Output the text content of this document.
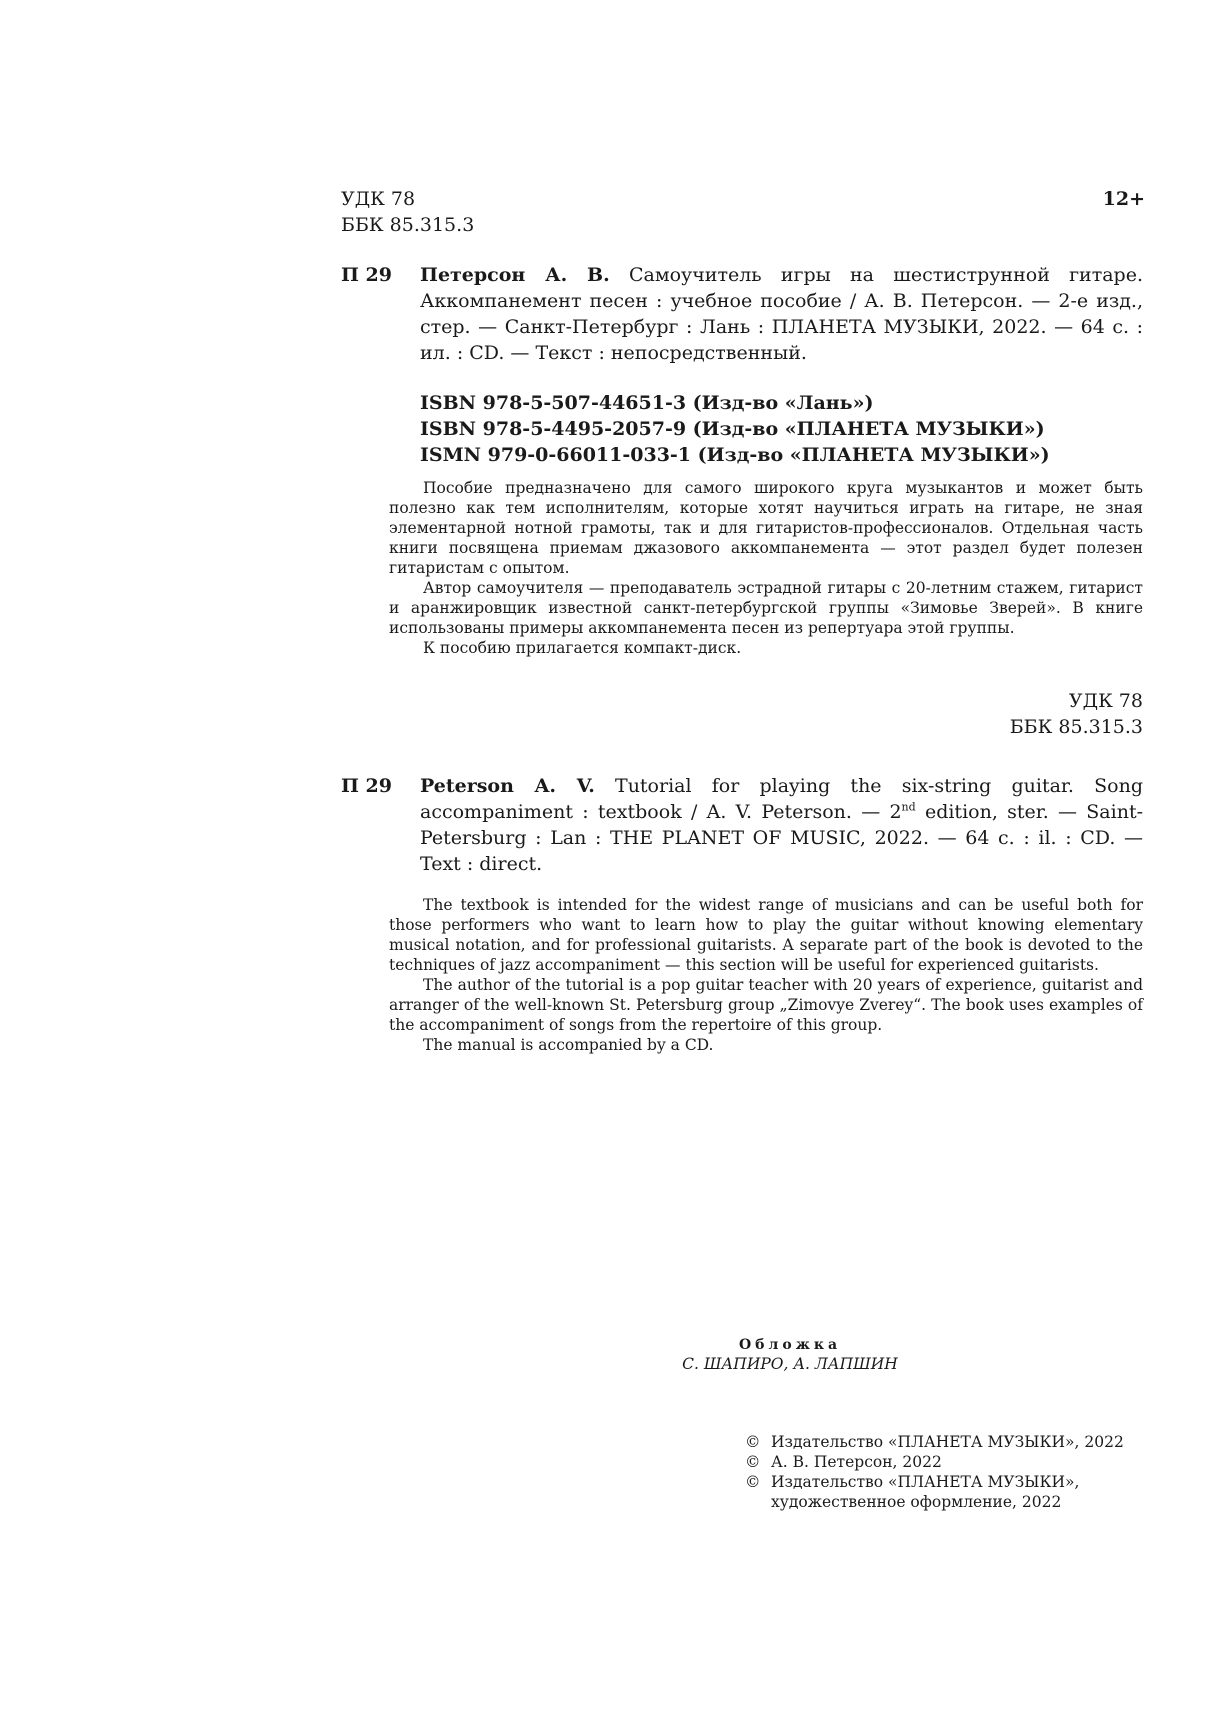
УДК 78
ББК 85.315.3
12+
П 29 Петерсон А. В. Самоучитель игры на шестиструнной гитаре. Аккомпанемент песен : учебное пособие / А. В. Петерсон. — 2-е изд., стер. — Санкт-Петербург : Лань : ПЛАНЕТА МУЗЫКИ, 2022. — 64 с. : ил. : CD. — Текст : непосредственный.
ISBN 978-5-507-44651-3 (Изд-во «Лань»)
ISBN 978-5-4495-2057-9 (Изд-во «ПЛАНЕТА МУЗЫКИ»)
ISMN 979-0-66011-033-1 (Изд-во «ПЛАНЕТА МУЗЫКИ»)

Пособие предназначено для самого широкого круга музыкантов и может быть полезно как тем исполнителям, которые хотят научиться играть на гитаре, не зная элементарной нотной грамоты, так и для гитаристов-профессионалов. Отдельная часть книги посвящена приемам джазового аккомпанемента — этот раздел будет полезен гитаристам с опытом.

Автор самоучителя — преподаватель эстрадной гитары с 20-летним стажем, гитарист и аранжировщик известной санкт-петербургской группы «Зимовье Зверей». В книге использованы примеры аккомпанемента песен из репертуара этой группы.

К пособию прилагается компакт-диск.

УДК 78
ББК 85.315.3
П 29 Peterson A. V. Tutorial for playing the six-string guitar. Song accompaniment : textbook / A. V. Peterson. — 2nd edition, ster. — Saint-Petersburg : Lan : THE PLANET OF MUSIC, 2022. — 64 c. : il. : CD. — Text : direct.

The textbook is intended for the widest range of musicians and can be useful both for those performers who want to learn how to play the guitar without knowing elementary musical notation, and for professional guitarists. A separate part of the book is devoted to the techniques of jazz accompaniment — this section will be useful for experienced guitarists.

The author of the tutorial is a pop guitar teacher with 20 years of experience, guitarist and arranger of the well-known St. Petersburg group „Zimovye Zverey“. The book uses examples of the accompaniment of songs from the repertoire of this group.

The manual is accompanied by a CD.

Обложка
С. ШАПИРО, А. ЛАПШИН
© Издательство «ПЛАНЕТА МУЗЫКИ», 2022
© А. В. Петерсон, 2022
© Издательство «ПЛАНЕТА МУЗЫКИ»,
художественное оформление, 2022
